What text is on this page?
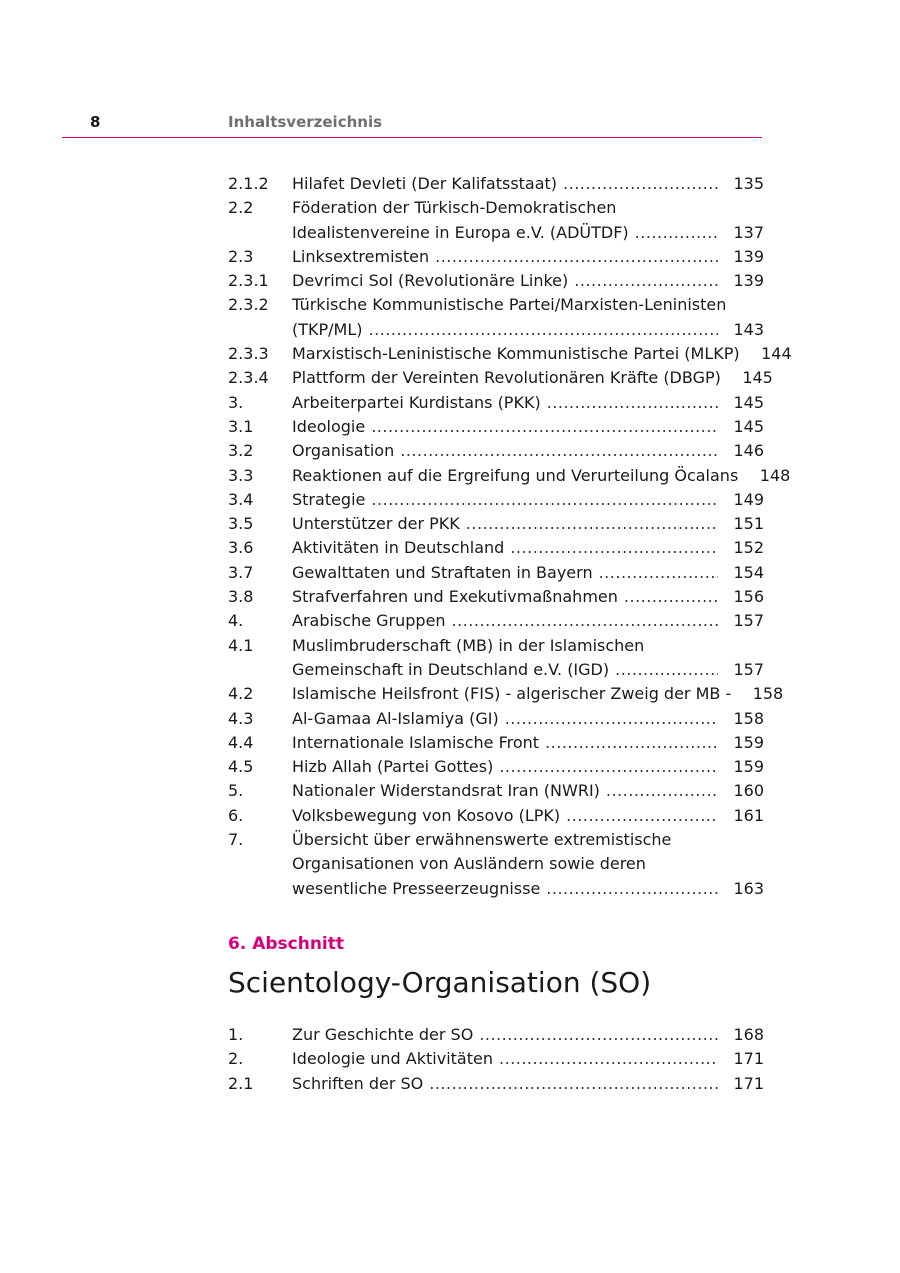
8	Inhaltsverzeichnis
2.1.2	Hilafet Devleti (Der Kalifatsstaat) .....	135
2.2	Föderation der Türkisch-Demokratischen
Idealistenvereine in Europa e.V. (ADÜTDF) .....	137
2.3	Linksextremisten .....	139
2.3.1	Devrimci Sol (Revolutionäre Linke) .....	139
2.3.2	Türkische Kommunistische Partei/Marxisten-Leninisten
(TKP/ML) .....	143
2.3.3	Marxistisch-Leninistische Kommunistische Partei (MLKP) 144
2.3.4	Plattform der Vereinten Revolutionären Kräfte (DBGP) 145
3.	Arbeiterpartei Kurdistans (PKK) .....	145
3.1	Ideologie .....	145
3.2	Organisation .....	146
3.3	Reaktionen auf die Ergreifung und Verurteilung Öcalans 148
3.4	Strategie .....	149
3.5	Unterstützer der PKK .....	151
3.6	Aktivitäten in Deutschland .....	152
3.7	Gewalttaten und Straftaten in Bayern .....	154
3.8	Strafverfahren und Exekutivmaßnahmen .....	156
4.	Arabische Gruppen .....	157
4.1	Muslimbruderschaft (MB) in der Islamischen
Gemeinschaft in Deutschland e.V. (IGD) .....	157
4.2	Islamische Heilsfront (FIS) - algerischer Zweig der MB - 158
4.3	Al-Gamaa Al-Islamiya (GI) .....	158
4.4	Internationale Islamische Front .....	159
4.5	Hizb Allah (Partei Gottes) .....	159
5.	Nationaler Widerstandsrat Iran (NWRI) .....	160
6.	Volksbewegung von Kosovo (LPK) .....	161
7.	Übersicht über erwähnenswerte extremistische
Organisationen von Ausländern sowie deren
wesentliche Presseerzeugnisse .....	163
6. Abschnitt
Scientology-Organisation (SO)
1.	Zur Geschichte der SO .....	168
2.	Ideologie und Aktivitäten .....	171
2.1	Schriften der SO .....	171
